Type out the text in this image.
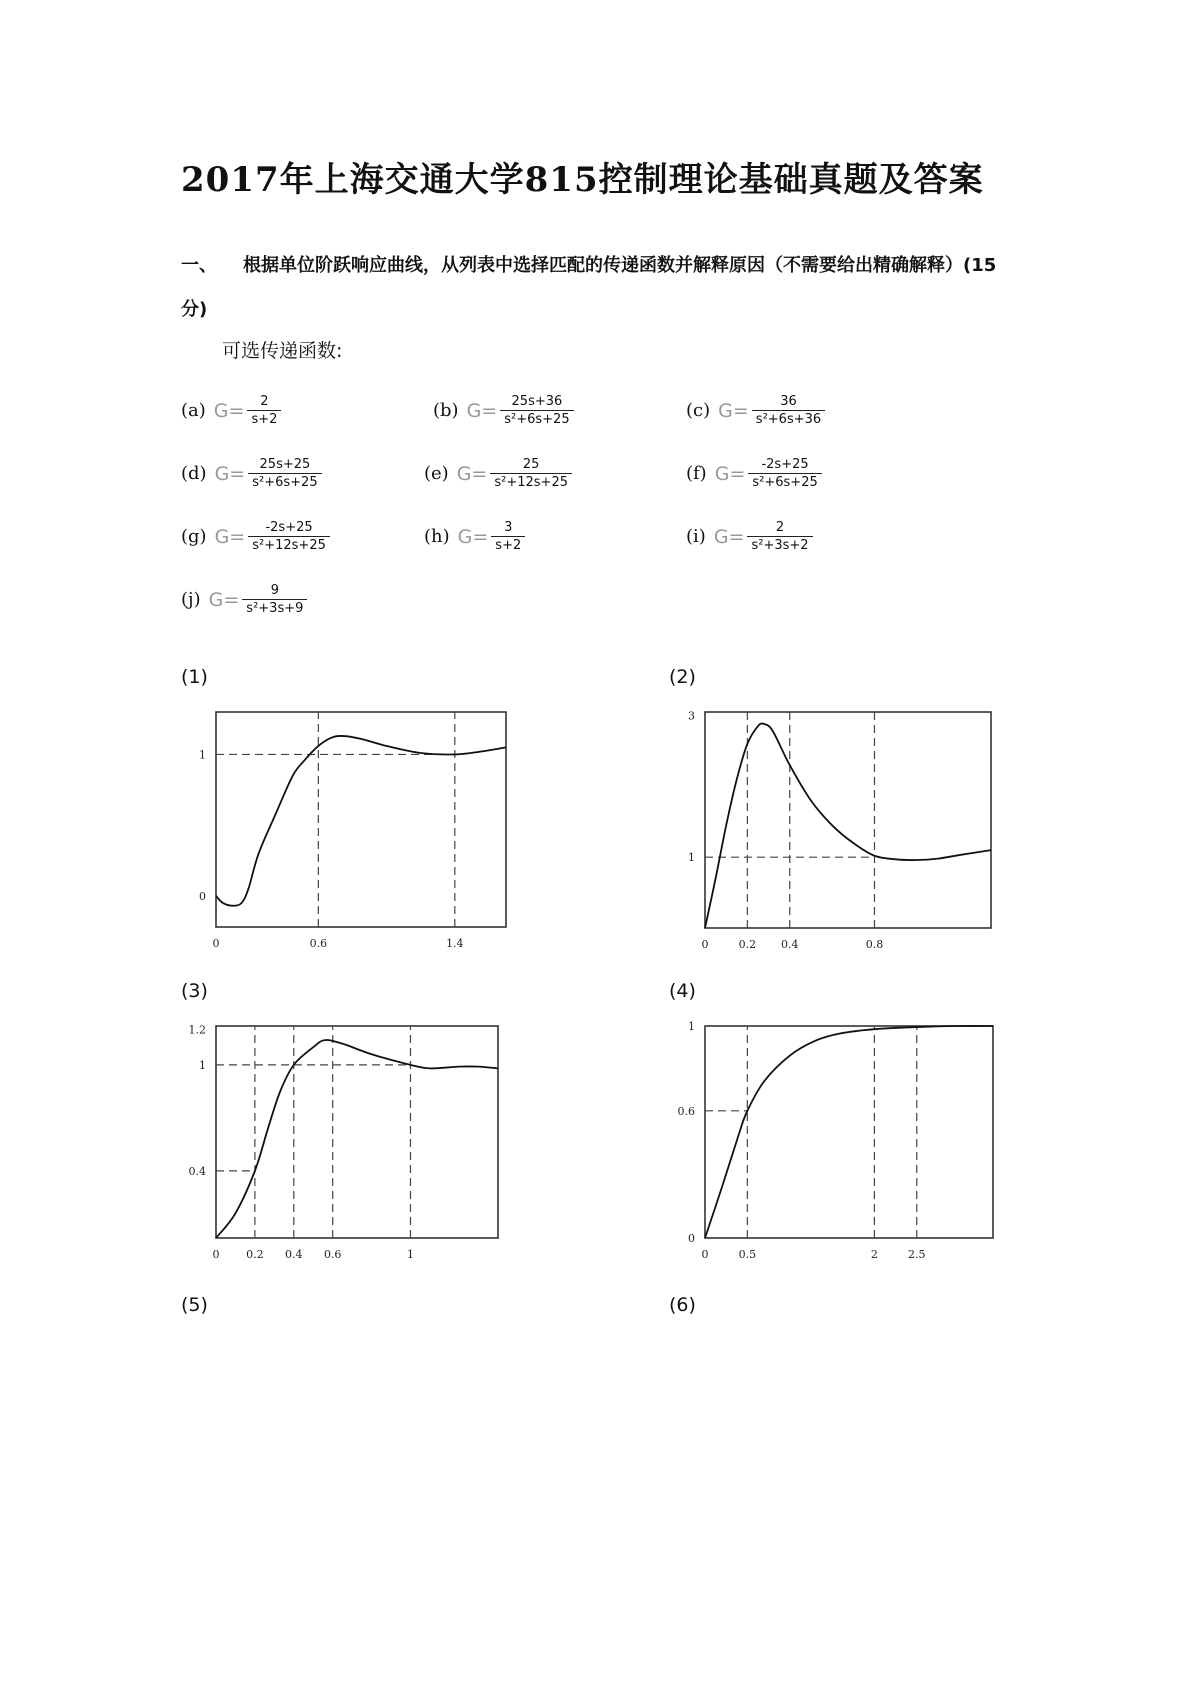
2017年上海交通大学815控制理论基础真题及答案
一、 根据单位阶跃响应曲线，从列表中选择匹配的传递函数并解释原因（不需要给出精确解释）(15 分)
可选传递函数:
(a) $G= \frac{2}{s+2}$	(b) $G= \frac{25s+36}{\text{s²+6s+25}}$	(c) $G= \frac{36}{\text{s²+6s+36}}$
(d) $G= \frac{25s+25}{\text{s²+6s+25}}$	(e) $G= \frac{25}{\text{s²+12s+25}}$	(f) $G= \frac{-2s+25}{\text{s²+6s+25}}$
(g) $G= \frac{-2s+25}{\text{s²+12s+25}}$	(h) $G= \frac{3}{s+2}$	(i) $G= \frac{2}{\text{s²+3s+2}}$
(j) $G= \frac{9}{\text{s²+3s+9}}$
(1)	(2)
(3)	(4)
(5)	(6)
0	0.6	1.4
0
1
0	0.2 0.4	0.8
1
3
0 0.2 0.4 0.6	1
0.4
1
1.2
0	0.5	2	2.5
0
0.6
1
